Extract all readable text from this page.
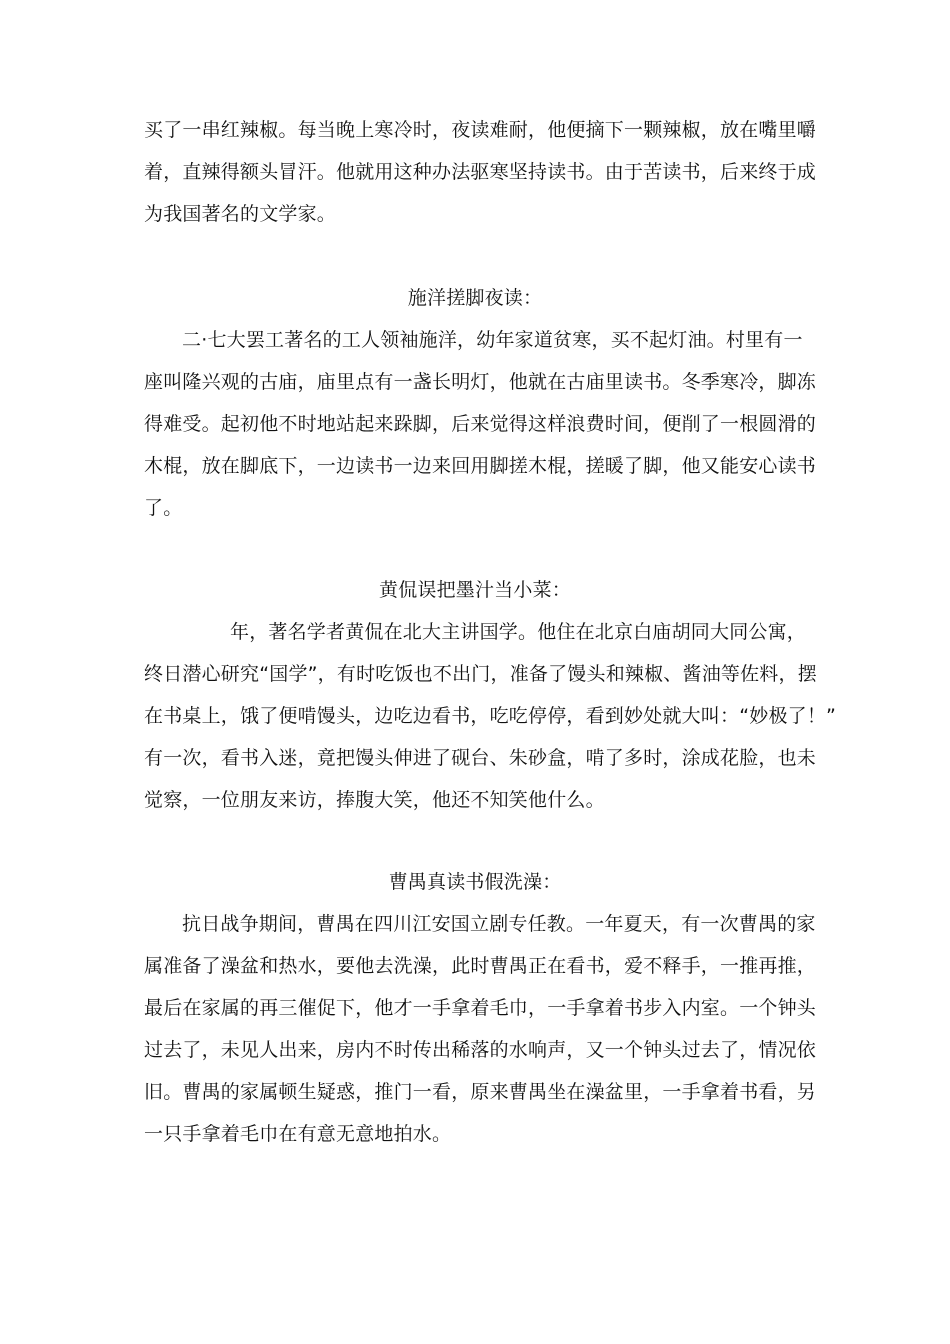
买了一串红辣椒。每当晚上寒冷时，夜读难耐，他便摘下一颗辣椒，放在嘴里嚼
着，直辣得额头冒汗。他就用这种办法驱寒坚持读书。由于苦读书，后来终于成
为我国著名的文学家。
施洋搓脚夜读：
二·七大罢工著名的工人领袖施洋，幼年家道贫寒，买不起灯油。村里有一
座叫隆兴观的古庙，庙里点有一盏长明灯，他就在古庙里读书。冬季寒冷，脚冻
得难受。起初他不时地站起来跺脚，后来觉得这样浪费时间，便削了一根圆滑的
木棍，放在脚底下，一边读书一边来回用脚搓木棍，搓暖了脚，他又能安心读书
了。
黄侃误把墨汁当小菜：
年，著名学者黄侃在北大主讲国学。他住在北京白庙胡同大同公寓，
终日潜心研究“国学”，有时吃饭也不出门，准备了馒头和辣椒、酱油等佐料，摆
在书桌上，饿了便啃馒头，边吃边看书，吃吃停停，看到妙处就大叫：“妙极了！”
有一次，看书入迷，竟把馒头伸进了砚台、朱砂盒，啃了多时，涂成花脸，也未
觉察，一位朋友来访，捧腹大笑，他还不知笑他什么。
曹禺真读书假洗澡：
抗日战争期间，曹禺在四川江安国立剧专任教。一年夏天，有一次曹禺的家
属准备了澡盆和热水，要他去洗澡，此时曹禺正在看书，爱不释手，一推再推，
最后在家属的再三催促下，他才一手拿着毛巾，一手拿着书步入内室。一个钟头
过去了，未见人出来，房内不时传出稀落的水响声，又一个钟头过去了，情况依
旧。曹禺的家属顿生疑惑，推门一看，原来曹禺坐在澡盆里，一手拿着书看，另
一只手拿着毛巾在有意无意地拍水。
